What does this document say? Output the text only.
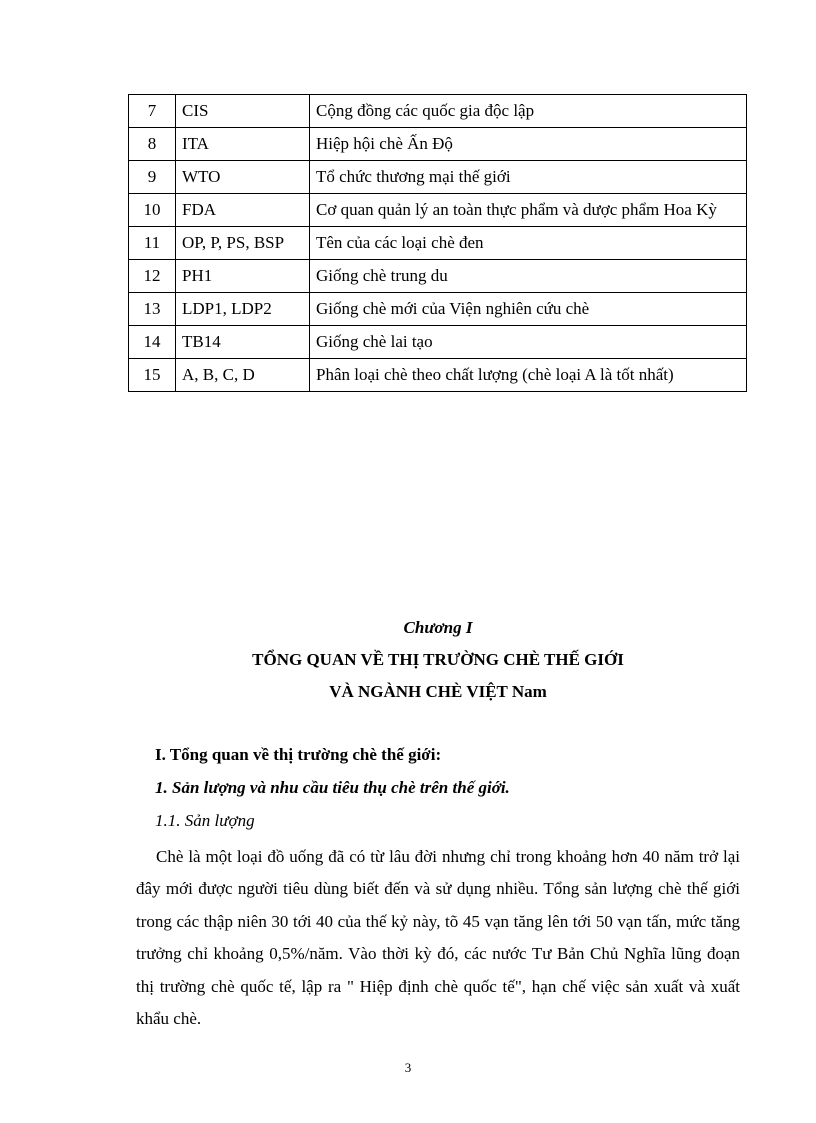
7	CIS	Cộng đồng các quốc gia độc lập
8	ITA	Hiệp hội chè Ấn Độ
9	WTO	Tổ chức thương mại thế giới
10	FDA	Cơ quan quản lý an toàn thực phẩm và dược phẩm Hoa Kỳ
11	OP, P, PS, BSP	Tên của các loại chè đen
12	PH1	Giống chè trung du
13	LDP1, LDP2	Giống chè mới của Viện nghiên cứu chè
14	TB14	Giống chè lai tạo
15	A, B, C, D	Phân loại chè theo chất lượng (chè loại A là tốt nhất)
Chương I
TỔNG QUAN VỀ THỊ TRƯỜNG CHÈ THẾ GIỚI
VÀ NGÀNH CHÈ VIỆT Nam
I. Tổng quan về thị trường chè thế giới:
1. Sản lượng và nhu cầu tiêu thụ chè trên thế giới.
1.1. Sản lượng

Chè là một loại đồ uống đã có từ lâu đời nhưng chỉ trong khoảng hơn 40 năm trở lại đây mới được người tiêu dùng biết đến và sử dụng nhiều. Tổng sản lượng chè thế giới trong các thập niên 30 tới 40 của thế kỷ này, tõ 45 vạn tăng lên tới 50 vạn tấn, mức tăng trưởng chỉ khoảng 0,5%/năm. Vào thời kỳ đó, các nước Tư Bản Chủ Nghĩa lũng đoạn thị trường chè quốc tế, lập ra " Hiệp định chè quốc tế", hạn chế việc sản xuất và xuất khẩu chè.

3
